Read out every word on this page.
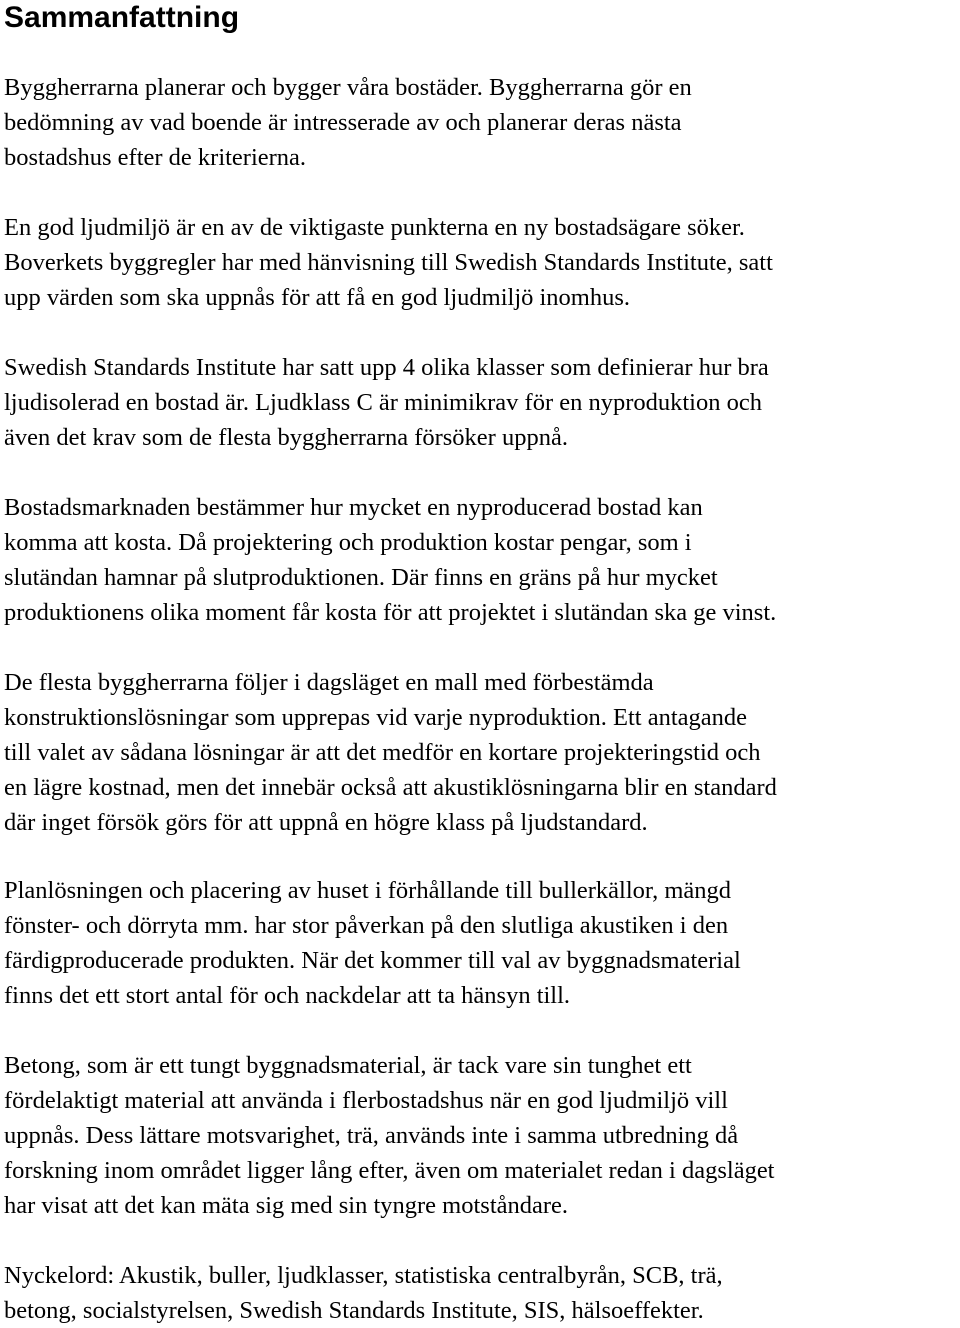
Sammanfattning
Byggherrarna planerar och bygger våra bostäder. Byggherrarna gör en
bedömning av vad boende är intresserade av och planerar deras nästa
bostadshus efter de kriterierna.
En god ljudmiljö är en av de viktigaste punkterna en ny bostadsägare söker.
Boverkets byggregler har med hänvisning till Swedish Standards Institute, satt
upp värden som ska uppnås för att få en god ljudmiljö inomhus.
Swedish Standards Institute har satt upp 4 olika klasser som definierar hur bra
ljudisolerad en bostad är. Ljudklass C är minimikrav för en nyproduktion och
även det krav som de flesta byggherrarna försöker uppnå.
Bostadsmarknaden bestämmer hur mycket en nyproducerad bostad kan
komma att kosta. Då projektering och produktion kostar pengar, som i
slutändan hamnar på slutproduktionen. Där finns en gräns på hur mycket
produktionens olika moment får kosta för att projektet i slutändan ska ge vinst.
De flesta byggherrarna följer i dagsläget en mall med förbestämda
konstruktionslösningar som upprepas vid varje nyproduktion. Ett antagande
till valet av sådana lösningar är att det medför en kortare projekteringstid och
en lägre kostnad, men det innebär också att akustiklösningarna blir en standard
där inget försök görs för att uppnå en högre klass på ljudstandard.
Planlösningen och placering av huset i förhållande till bullerkällor, mängd
fönster- och dörryta mm. har stor påverkan på den slutliga akustiken i den
färdigproducerade produkten. När det kommer till val av byggnadsmaterial
finns det ett stort antal för och nackdelar att ta hänsyn till.
Betong, som är ett tungt byggnadsmaterial, är tack vare sin tunghet ett
fördelaktigt material att använda i flerbostadshus när en god ljudmiljö vill
uppnås. Dess lättare motsvarighet, trä, används inte i samma utbredning då
forskning inom området ligger lång efter, även om materialet redan i dagsläget
har visat att det kan mäta sig med sin tyngre motståndare.
Nyckelord: Akustik, buller, ljudklasser, statistiska centralbyrån, SCB, trä,
betong, socialstyrelsen, Swedish Standards Institute, SIS, hälsoeffekter.
